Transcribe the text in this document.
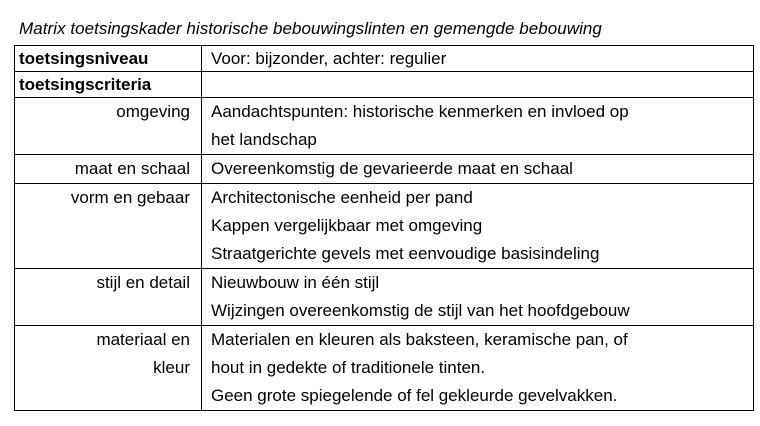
Matrix toetsingskader historische bebouwingslinten en gemengde bebouwing
toetsingsniveau	Voor: bijzonder, achter: regulier

toetsingscriteria	

omgeving	Aandachtspunten: historische kenmerken en invloed op
het landschap

maat en schaal	Overeenkomstig de gevarieerde maat en schaal

vorm en gebaar	Architectonische eenheid per pand
Kappen vergelijkbaar met omgeving
Straatgerichte gevels met eenvoudige basisindeling

stijl en detail	Nieuwbouw in één stijl
Wijzingen overeenkomstig de stijl van het hoofdgebouw

materiaal en
kleur	Materialen en kleuren als baksteen, keramische pan, of
hout in gedekte of traditionele tinten.
Geen grote spiegelende of fel gekleurde gevelvakken.
